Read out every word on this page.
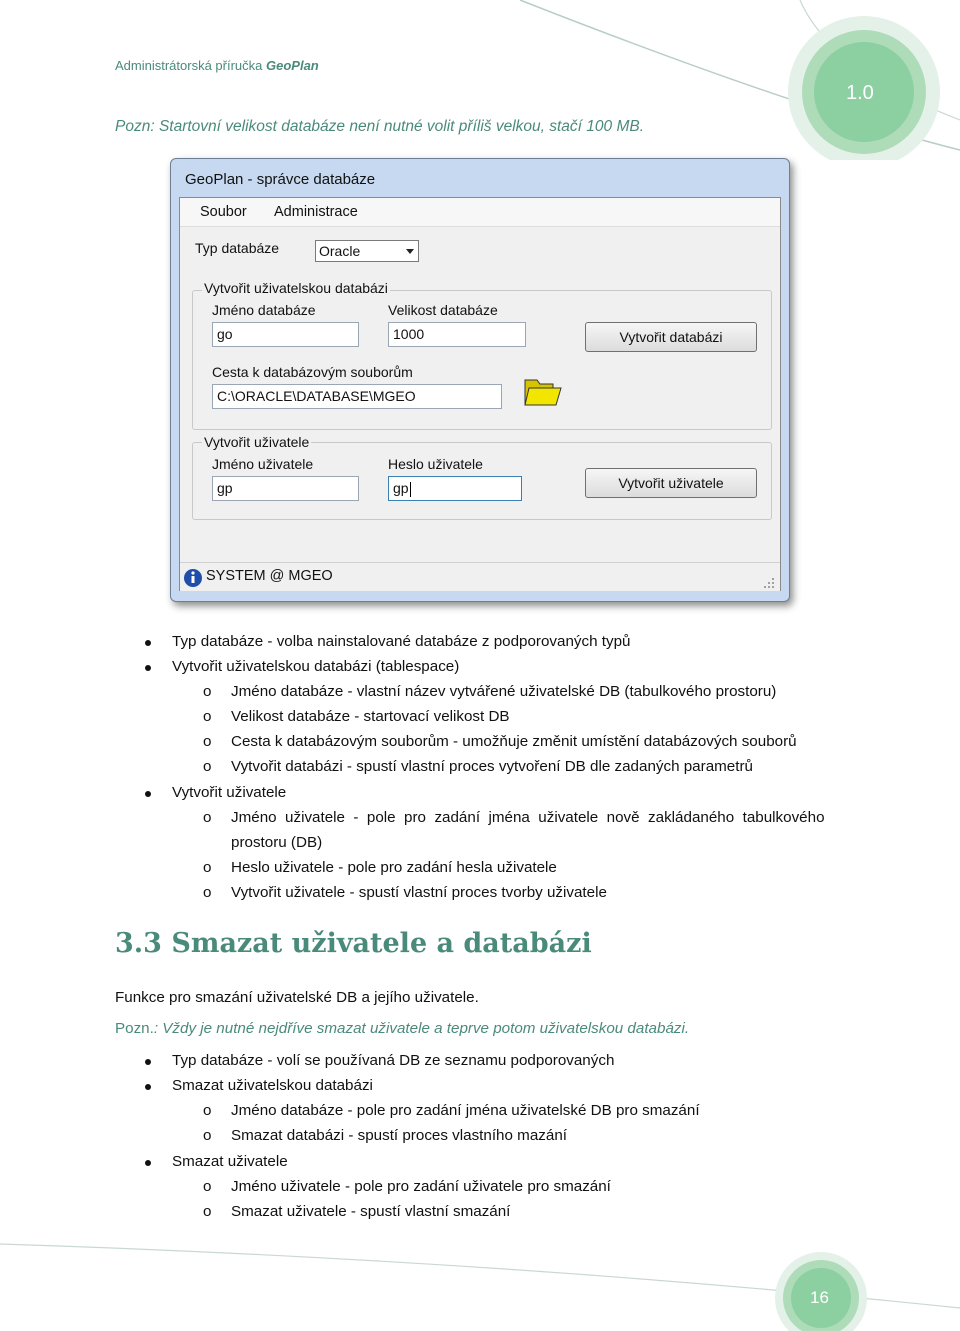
1.0
Administrátorská příručka GeoPlan
Pozn: Startovní velikost databáze není nutné volit příliš velkou, stačí 100 MB.
GeoPlan - správce databáze
Soubor Administrace
Typ databáze	Oracle
Vytvořit uživatelskou databázi
Jméno databáze
go
Velikost databáze
1000	Vytvořit databázi
Cesta k databázovým souborům
C:\ORACLE\DATABASE\MGEO
Vytvořit uživatele
Jméno uživatele
gp
Heslo uživatele
gp	Vytvořit uživatele
SYSTEM @ MGEO
Typ databáze - volba nainstalované databáze z podporovaných typů
Vytvořit uživatelskou databázi (tablespace)
o Jméno databáze - vlastní název vytvářené uživatelské DB (tabulkového prostoru)
o Velikost databáze - startovací velikost DB
o Cesta k databázovým souborům - umožňuje změnit umístění databázových souborů
o Vytvořit databázi - spustí vlastní proces vytvoření DB dle zadaných parametrů
Vytvořit uživatele
o Jméno  uživatele  -  pole  pro  zadání  jména  uživatele  nově  zakládaného  tabulkového
prostoru (DB)
o Heslo uživatele - pole pro zadání hesla uživatele
o Vytvořit uživatele - spustí vlastní proces tvorby uživatele
3.3 Smazat uživatele a databázi
Funkce pro smazání uživatelské DB a jejího uživatele.
Pozn.: Vždy je nutné nejdříve smazat uživatele a teprve potom uživatelskou databázi.
Typ databáze - volí se používaná DB ze seznamu podporovaných
Smazat uživatelskou databázi
o Jméno databáze - pole pro zadání jména uživatelské DB pro smazání
o Smazat databázi - spustí proces vlastního mazání
Smazat uživatele
o Jméno uživatele - pole pro zadání uživatele pro smazání
o Smazat uživatele - spustí vlastní smazání
16
